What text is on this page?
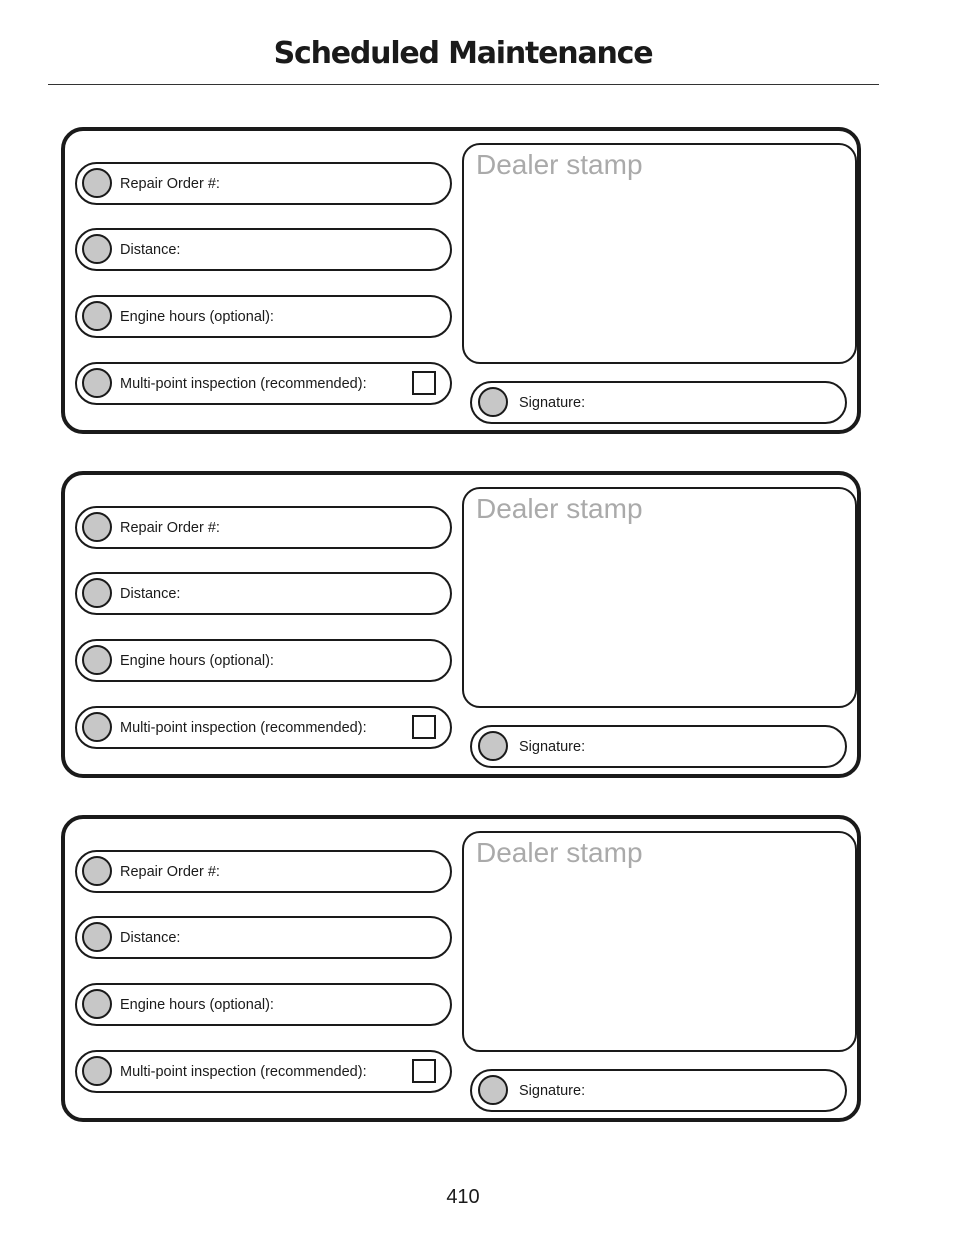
Scheduled Maintenance
Repair Order #:
Distance:
Engine hours (optional):
Multi-point inspection (recommended):
Dealer stamp
Signature:
Repair Order #:
Distance:
Engine hours (optional):
Multi-point inspection (recommended):
Dealer stamp
Signature:
Repair Order #:
Distance:
Engine hours (optional):
Multi-point inspection (recommended):
Dealer stamp
Signature:
410
